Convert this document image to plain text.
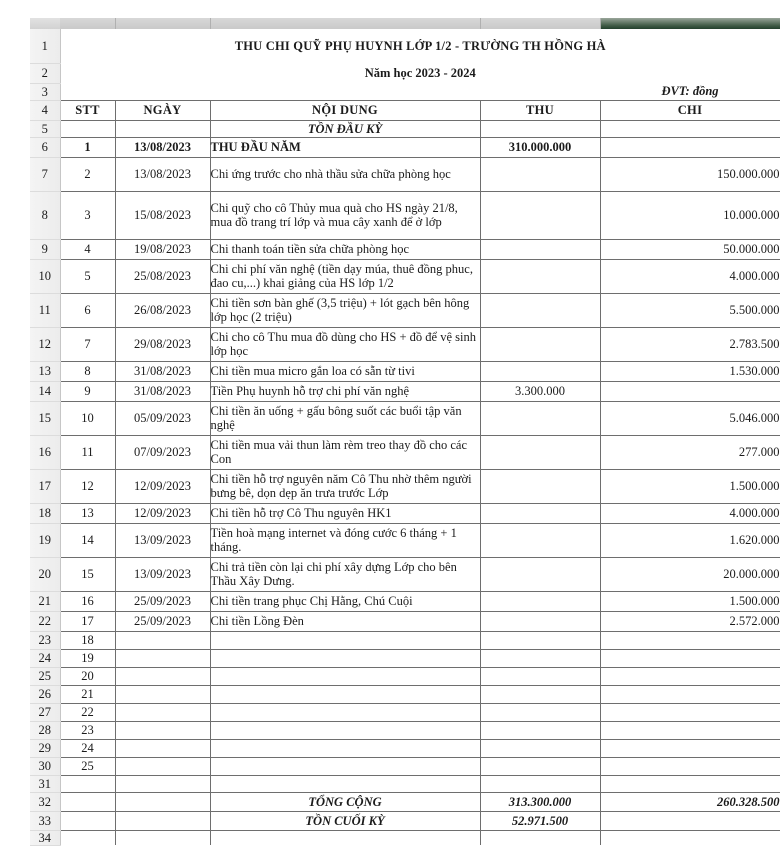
1	THU CHI QUỸ PHỤ HUYNH LỚP 1/2 - TRƯỜNG TH HỒNG HÀ				
2	Năm học 2023 - 2024				
3					ĐVT: đồng
4	STT	NGÀY	NỘI DUNG	THU	CHI
5			TỒN ĐẦU KỲ		
6	1	13/08/2023	THU ĐẦU NĂM	310.000.000	
7	2	13/08/2023	Chi ứng trước cho nhà thầu sửa chữa phòng học		150.000.000
8	3	15/08/2023	Chi quỹ cho cô Thủy mua quà cho HS ngày 21/8, mua đồ trang trí lớp và mua cây xanh để ở lớp		10.000.000
9	4	19/08/2023	Chi thanh toán tiền sửa chữa phòng học		50.000.000
10	5	25/08/2023	Chi chi phí văn nghệ (tiền dạy múa, thuê đồng phuc, đao cu,...) khai giảng của HS lớp 1/2		4.000.000
11	6	26/08/2023	Chi tiền sơn bàn ghế (3,5 triệu) + lót gạch bên hông lớp học (2 triệu)		5.500.000
12	7	29/08/2023	Chi cho cô Thu mua đồ dùng cho HS + đồ để vệ sinh lớp học		2.783.500
13	8	31/08/2023	Chi tiền mua micro gắn loa có sẵn từ tivi		1.530.000
14	9	31/08/2023	Tiền Phụ huynh hỗ trợ chi phí văn nghệ	3.300.000	
15	10	05/09/2023	Chi tiền ăn uống + gấu bông suốt các buổi tập văn nghệ		5.046.000
16	11	07/09/2023	Chi tiền mua vải thun làm rèm treo thay đồ cho các Con		277.000
17	12	12/09/2023	Chi tiền hỗ trợ nguyên năm Cô Thu nhờ thêm người bưng bê, dọn dẹp ăn trưa trước Lớp		1.500.000
18	13	12/09/2023	Chi tiền hỗ trợ Cô Thu nguyên HK1		4.000.000
19	14	13/09/2023	Tiền hoà mạng internet và đóng cước 6 tháng + 1 tháng.		1.620.000
20	15	13/09/2023	Chi trả tiền còn lại chi phí xây dựng Lớp cho bên Thầu Xây Dưng.		20.000.000
21	16	25/09/2023	Chi tiền trang phục Chị Hằng, Chú Cuội		1.500.000
22	17	25/09/2023	Chi tiền Lồng Đèn		2.572.000
23	18				
24	19				
25	20				
26	21				
27	22				
28	23				
29	24				
30	25				
31					
32			TỔNG CỘNG	313.300.000	260.328.500
33			TỒN CUỐI KỲ	52.971.500	
34					
